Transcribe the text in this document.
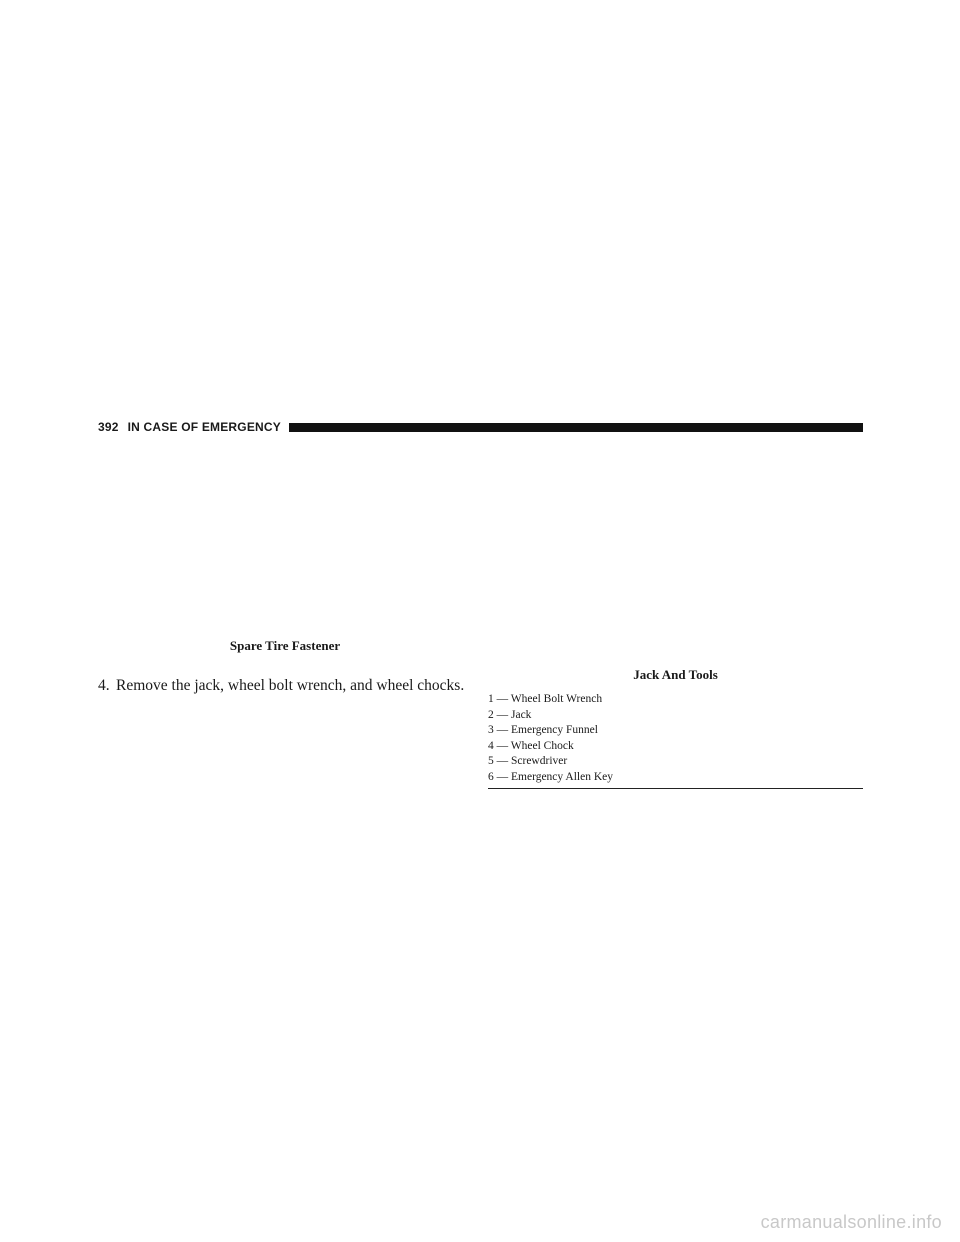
392 IN CASE OF EMERGENCY
Spare Tire Fastener

4. Remove the jack, wheel bolt wrench, and wheel chocks.

Jack And Tools
1 — Wheel Bolt Wrench
2 — Jack
3 — Emergency Funnel
4 — Wheel Chock
5 — Screwdriver
6 — Emergency Allen Key
carmanualsonline.info
